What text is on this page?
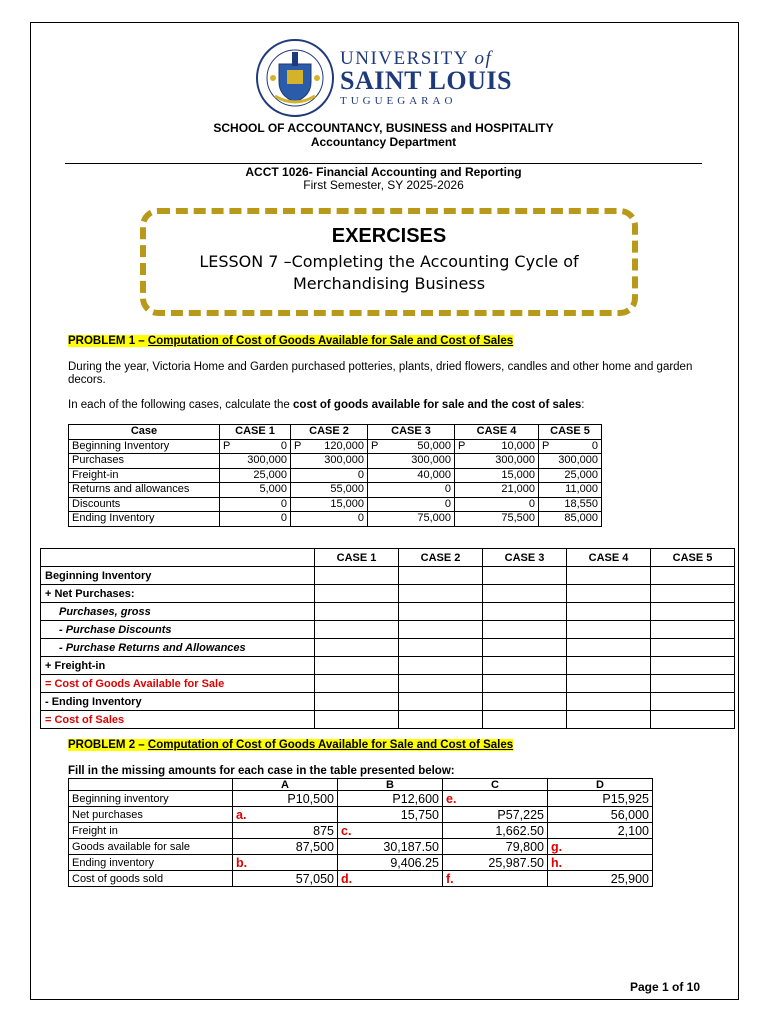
UNIVERSITY of
SAINT LOUIS
TUGUEGARAO
SCHOOL OF ACCOUNTANCY, BUSINESS and HOSPITALITY
Accountancy Department
ACCT 1026- Financial Accounting and Reporting
First Semester, SY 2025-2026
EXERCISES
LESSON 7 –Completing the Accounting Cycle of
Merchandising Business
PROBLEM 1 – Computation of Cost of Goods Available for Sale and Cost of Sales
During the year, Victoria Home and Garden purchased potteries, plants, dried flowers, candles and other home and garden decors.
In each of the following cases, calculate the cost of goods available for sale and the cost of sales:
Case	CASE 1	CASE 2	CASE 3	CASE 4	CASE 5
Beginning Inventory	P 0	P 120,000	P 50,000	P 10,000	P 0

Purchases	300,000	300,000	300,000	300,000	300,000
Freight-in	25,000	0	40,000	15,000	25,000
Returns and allowances	5,000	55,000	0	21,000	11,000
Discounts	0	15,000	0	0	18,550
Ending Inventory	0	0	75,000	75,500	85,000
	CASE 1	CASE 2	CASE 3	CASE 4	CASE 5
Beginning Inventory					
+ Net Purchases:					
Purchases, gross					
- Purchase Discounts					
- Purchase Returns and Allowances					
+ Freight-in					
= Cost of Goods Available for Sale					
- Ending Inventory					
= Cost of Sales					
PROBLEM 2 – Computation of Cost of Goods Available for Sale and Cost of Sales
Fill in the missing amounts for each case in the table presented below:
	A	B	C	D
Beginning inventory	P10,500	P12,600	e.	P15,925
Net purchases	a.	15,750	P57,225	56,000
Freight in	875	c.	1,662.50	2,100
Goods available for sale	87,500	30,187.50	79,800	g.

Ending inventory	b.	9,406.25	25,987.50	h.

Cost of goods sold	57,050	d.	f.	25,900
Page 1 of 10
